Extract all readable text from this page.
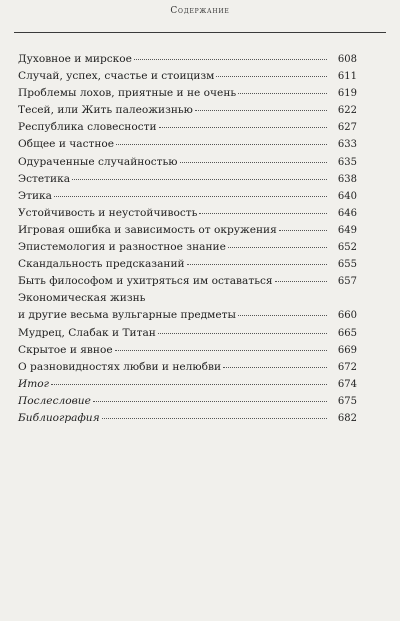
Содержание
Духовное и мирское	608
Случай, успех, счастье и стоицизм	611
Проблемы лохов, приятные и не очень	619
Тесей, или Жить палеожизнью	622
Республика словесности	627
Общее и частное	633
Одураченные случайностью	635
Эстетика	638
Этика	640
Устойчивость и неустойчивость	646
Игровая ошибка и зависимость от окружения	649
Эпистемология и разностное знание	652
Скандальность предсказаний	655
Быть философом и ухитряться им оставаться	657
Экономическая жизнь
и другие весьма вульгарные предметы	660
Мудрец, Слабак и Титан	665
Скрытое и явное	669
О разновидностях любви и нелюбви	672
Итог	674
Послесловие	675
Библиография	682
